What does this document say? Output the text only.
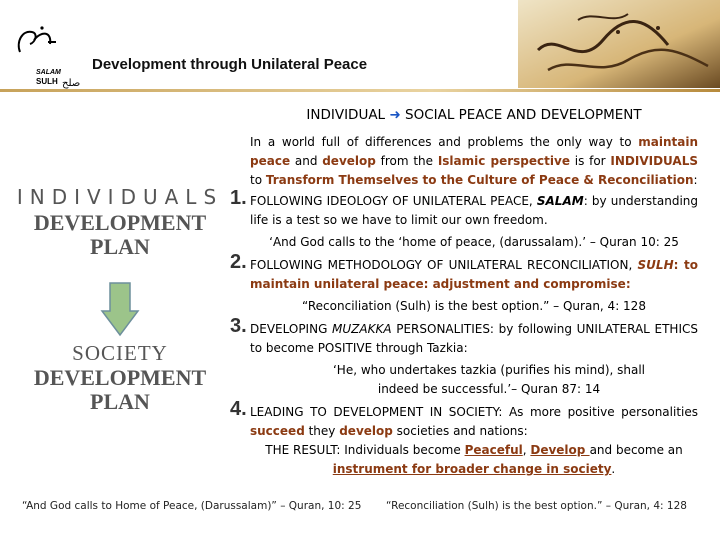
SALAM
SULH صلح
Development through Unilateral Peace
INDIVIDUALS
DEVELOPMENT
PLAN
SOCIETY
DEVELOPMENT
PLAN
INDIVIDUAL ➜ SOCIAL PEACE AND DEVELOPMENT
In a world full of differences and problems the only way to maintain peace and develop from the Islamic perspective is for INDIVIDUALS to Transform Themselves to the Culture of Peace & Reconciliation:
1. FOLLOWING IDEOLOGY OF UNILATERAL PEACE, SALAM: by understanding life is a test so we have to limit our own freedom.
‘And God calls to the ‘home of peace, (darussalam).’ – Quran 10: 25
2. FOLLOWING METHODOLOGY OF UNILATERAL RECONCILIATION, SULH: to maintain unilateral peace: adjustment and compromise:
“Reconciliation (Sulh) is the best option.” – Quran, 4: 128
3. DEVELOPING MUZAKKA PERSONALITIES: by following UNILATERAL ETHICS to become POSITIVE through Tazkia:
‘He, who undertakes tazkia (purifies his mind), shall indeed be successful.’– Quran 87: 14
4. LEADING TO DEVELOPMENT IN SOCIETY: As more positive personalities succeed they develop societies and nations:
THE RESULT: Individuals become Peaceful, Develop and become an instrument for broader change in society.
“And God calls to Home of Peace, (Darussalam)” – Quran, 10: 25 “Reconciliation (Sulh) is the best option.” – Quran, 4: 128
